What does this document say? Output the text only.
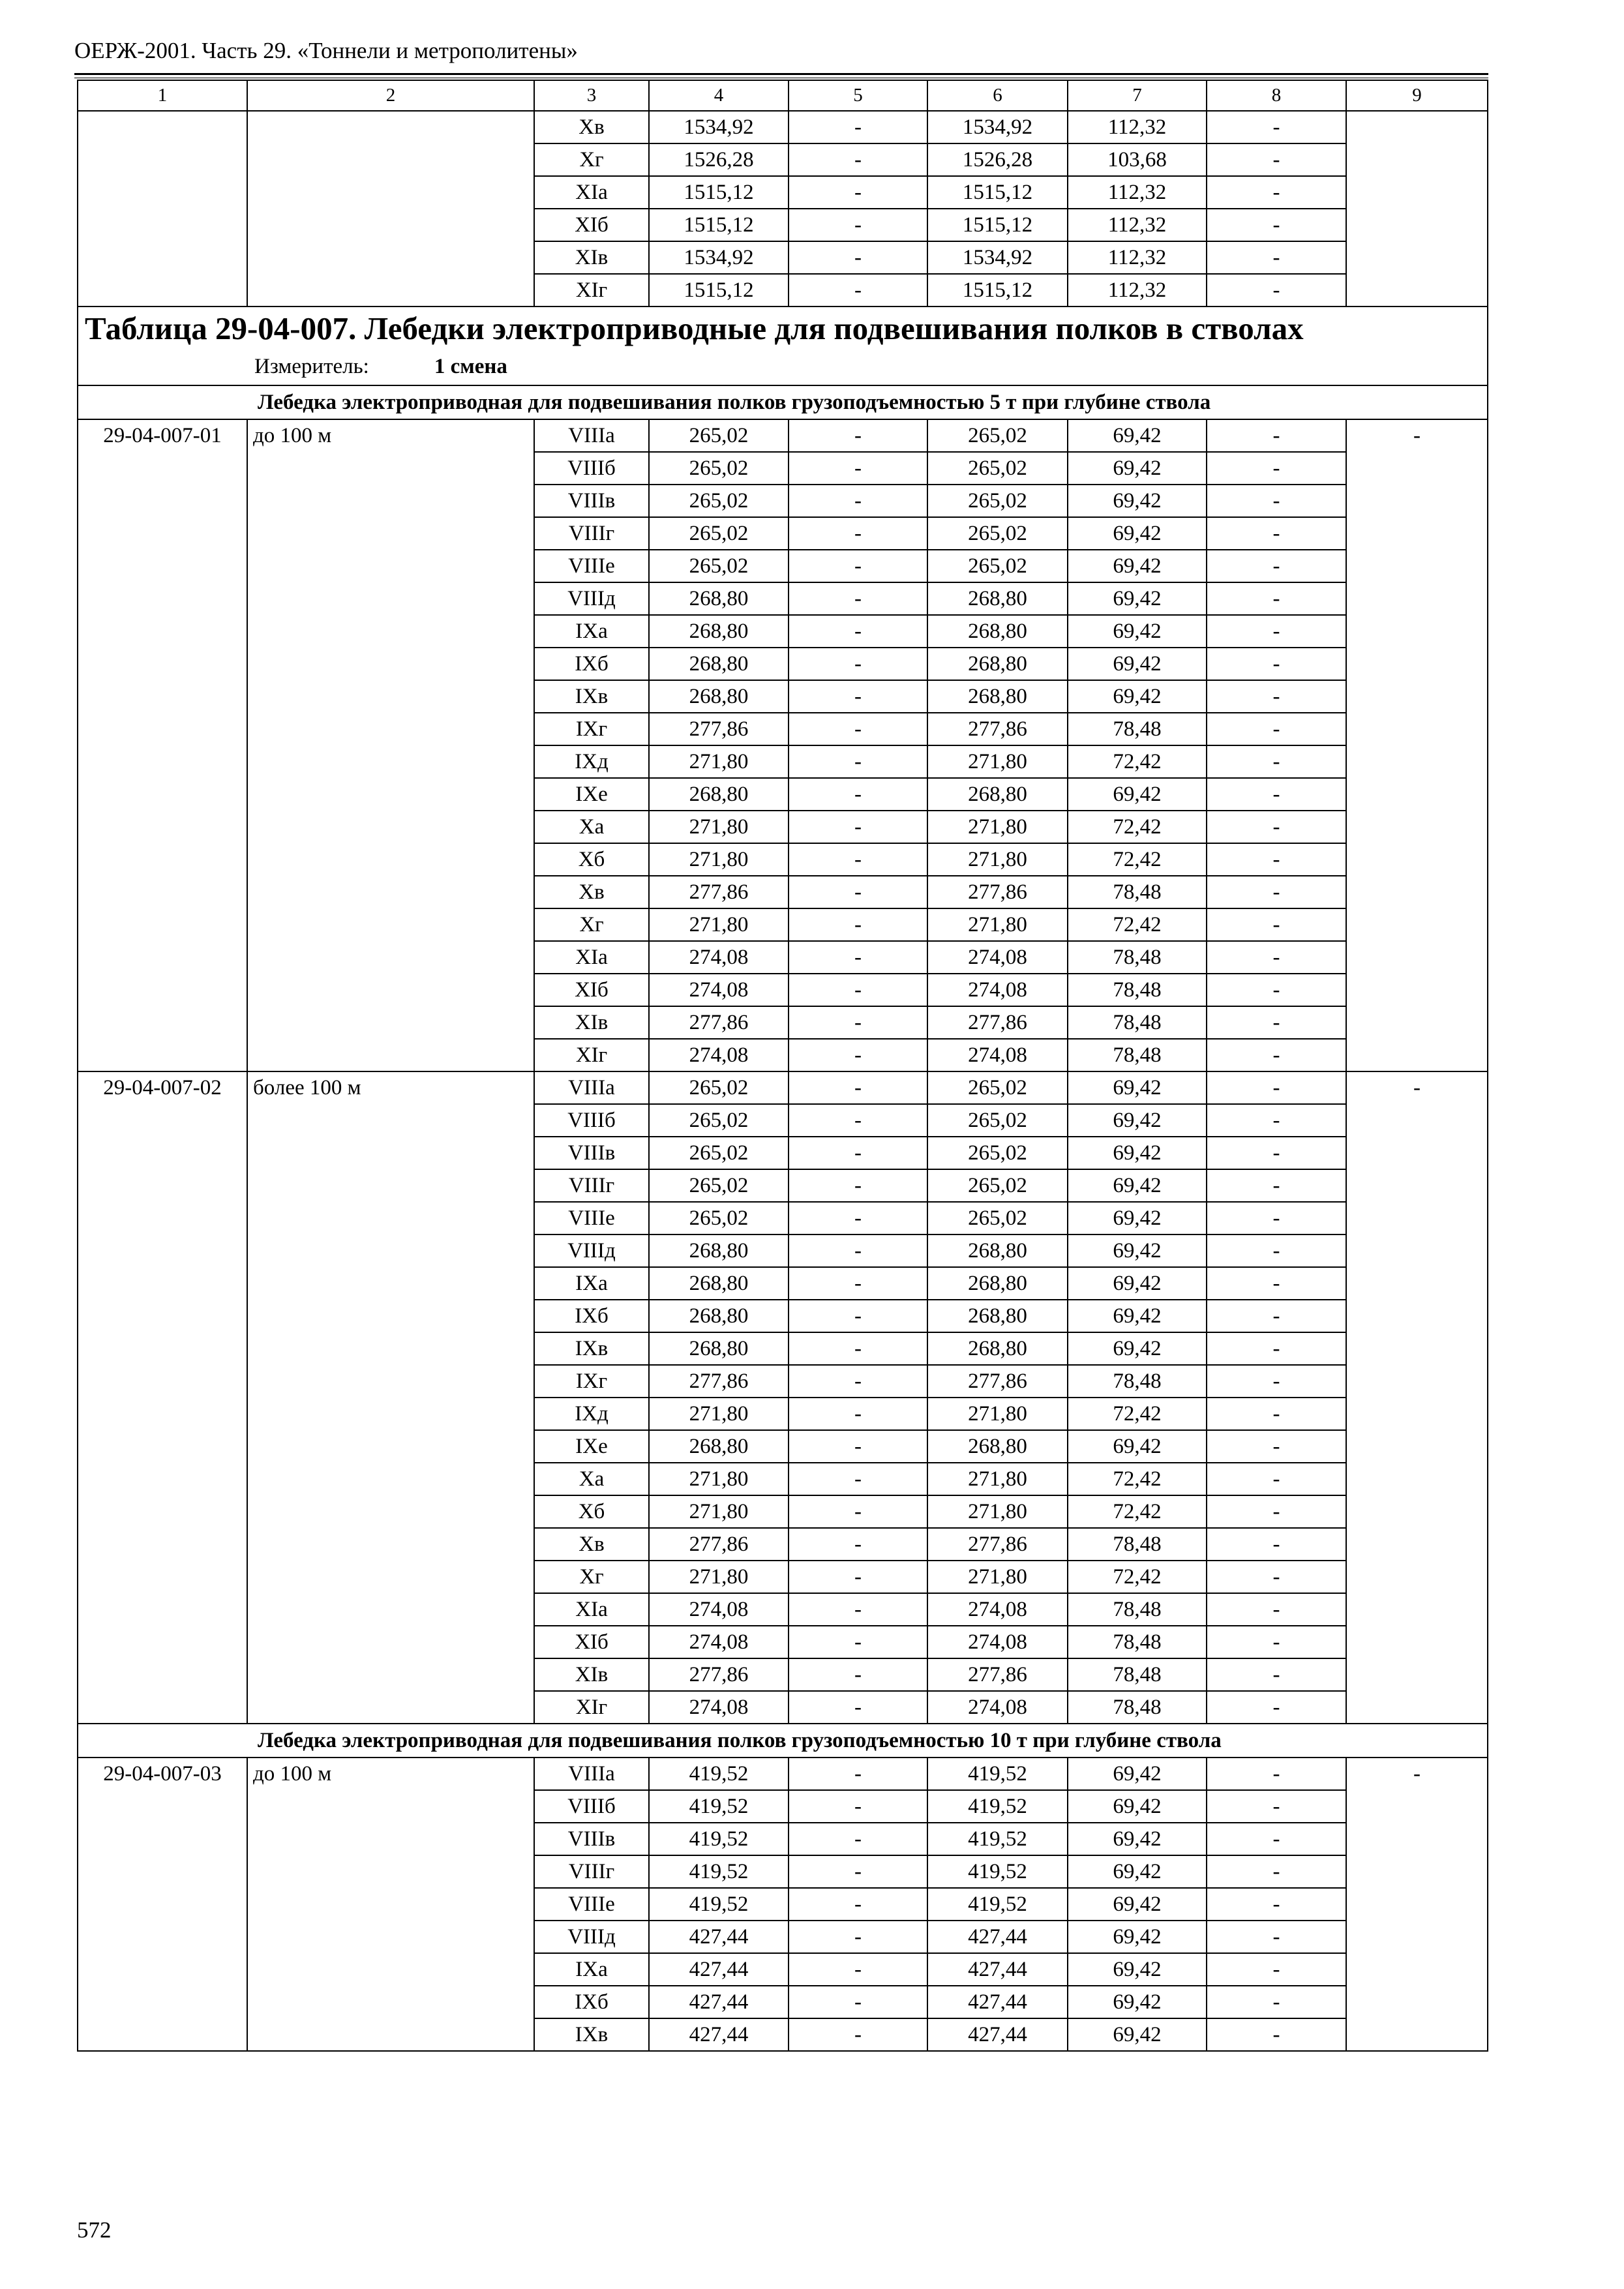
ОЕРЖ-2001. Часть 29. «Тоннели и метрополитены»
1	2	3	4	5	6	7	8	9
		Хв	1534,92	-	1534,92	112,32	-	
		Хг	1526,28	-	1526,28	103,68	-	
		XIа	1515,12	-	1515,12	112,32	-	
		XIб	1515,12	-	1515,12	112,32	-	
		XIв	1534,92	-	1534,92	112,32	-	
		XIг	1515,12	-	1515,12	112,32	-	
Таблица 29-04-007. Лебедки электроприводные для подвешивания полков в стволах								
Измеритель: 1 смена								
Лебедка электроприводная для подвешивания полков грузоподъемностью 5 т при глубине ствола								
29-04-007-01	до 100 м	VIIIа	265,02	-	265,02	69,42	-	-
		VIIIб	265,02	-	265,02	69,42	-	
		VIIIв	265,02	-	265,02	69,42	-	
		VIIIг	265,02	-	265,02	69,42	-	
		VIIIе	265,02	-	265,02	69,42	-	
		VIIIд	268,80	-	268,80	69,42	-	
		IXа	268,80	-	268,80	69,42	-	
		IXб	268,80	-	268,80	69,42	-	
		IXв	268,80	-	268,80	69,42	-	
		IXг	277,86	-	277,86	78,48	-	
		IXд	271,80	-	271,80	72,42	-	
		IXе	268,80	-	268,80	69,42	-	
		Ха	271,80	-	271,80	72,42	-	
		Хб	271,80	-	271,80	72,42	-	
		Хв	277,86	-	277,86	78,48	-	
		Хг	271,80	-	271,80	72,42	-	
		XIа	274,08	-	274,08	78,48	-	
		XIб	274,08	-	274,08	78,48	-	
		XIв	277,86	-	277,86	78,48	-	
		XIг	274,08	-	274,08	78,48	-	
29-04-007-02	более 100 м	VIIIа	265,02	-	265,02	69,42	-	-
		VIIIб	265,02	-	265,02	69,42	-	
		VIIIв	265,02	-	265,02	69,42	-	
		VIIIг	265,02	-	265,02	69,42	-	
		VIIIе	265,02	-	265,02	69,42	-	
		VIIIд	268,80	-	268,80	69,42	-	
		IXа	268,80	-	268,80	69,42	-	
		IXб	268,80	-	268,80	69,42	-	
		IXв	268,80	-	268,80	69,42	-	
		IXг	277,86	-	277,86	78,48	-	
		IXд	271,80	-	271,80	72,42	-	
		IXе	268,80	-	268,80	69,42	-	
		Ха	271,80	-	271,80	72,42	-	
		Хб	271,80	-	271,80	72,42	-	
		Хв	277,86	-	277,86	78,48	-	
		Хг	271,80	-	271,80	72,42	-	
		XIа	274,08	-	274,08	78,48	-	
		XIб	274,08	-	274,08	78,48	-	
		XIв	277,86	-	277,86	78,48	-	
		XIг	274,08	-	274,08	78,48	-	
Лебедка электроприводная для подвешивания полков грузоподъемностью 10 т при глубине ствола								
29-04-007-03	до 100 м	VIIIа	419,52	-	419,52	69,42	-	-
		VIIIб	419,52	-	419,52	69,42	-	
		VIIIв	419,52	-	419,52	69,42	-	
		VIIIг	419,52	-	419,52	69,42	-	
		VIIIе	419,52	-	419,52	69,42	-	
		VIIIд	427,44	-	427,44	69,42	-	
		IXа	427,44	-	427,44	69,42	-	
		IXб	427,44	-	427,44	69,42	-	
		IXв	427,44	-	427,44	69,42	-	
572
